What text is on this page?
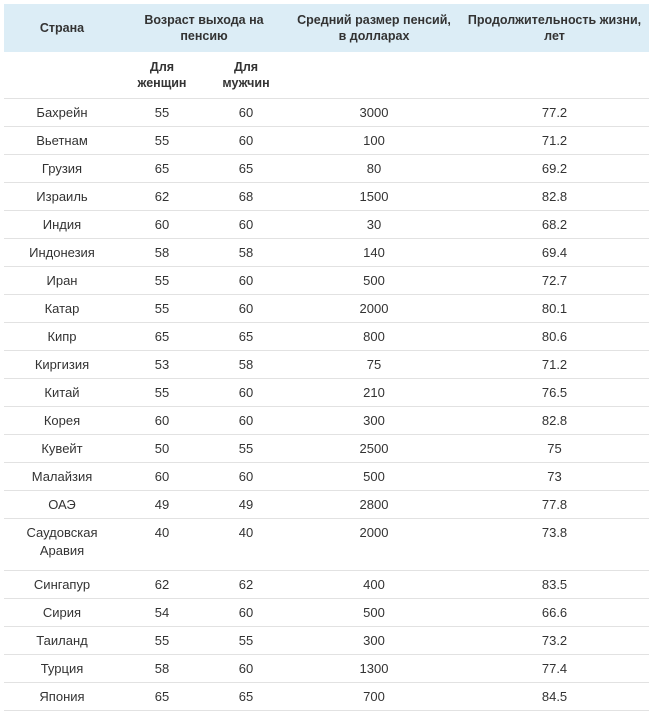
Страна	Возраст выхода на пенсию		Средний размер пенсий, в долларах	Продолжительность жизни, лет
	Для женщин	Для мужчин		
Бахрейн	55	60	3000	77.2
Вьетнам	55	60	100	71.2
Грузия	65	65	80	69.2
Израиль	62	68	1500	82.8
Индия	60	60	30	68.2
Индонезия	58	58	140	69.4
Иран	55	60	500	72.7
Катар	55	60	2000	80.1
Кипр	65	65	800	80.6
Киргизия	53	58	75	71.2
Китай	55	60	210	76.5
Корея	60	60	300	82.8
Кувейт	50	55	2500	75
Малайзия	60	60	500	73
ОАЭ	49	49	2800	77.8
Саудовская Аравия	40	40	2000	73.8
Сингапур	62	62	400	83.5
Сирия	54	60	500	66.6
Таиланд	55	55	300	73.2
Турция	58	60	1300	77.4
Япония	65	65	700	84.5
